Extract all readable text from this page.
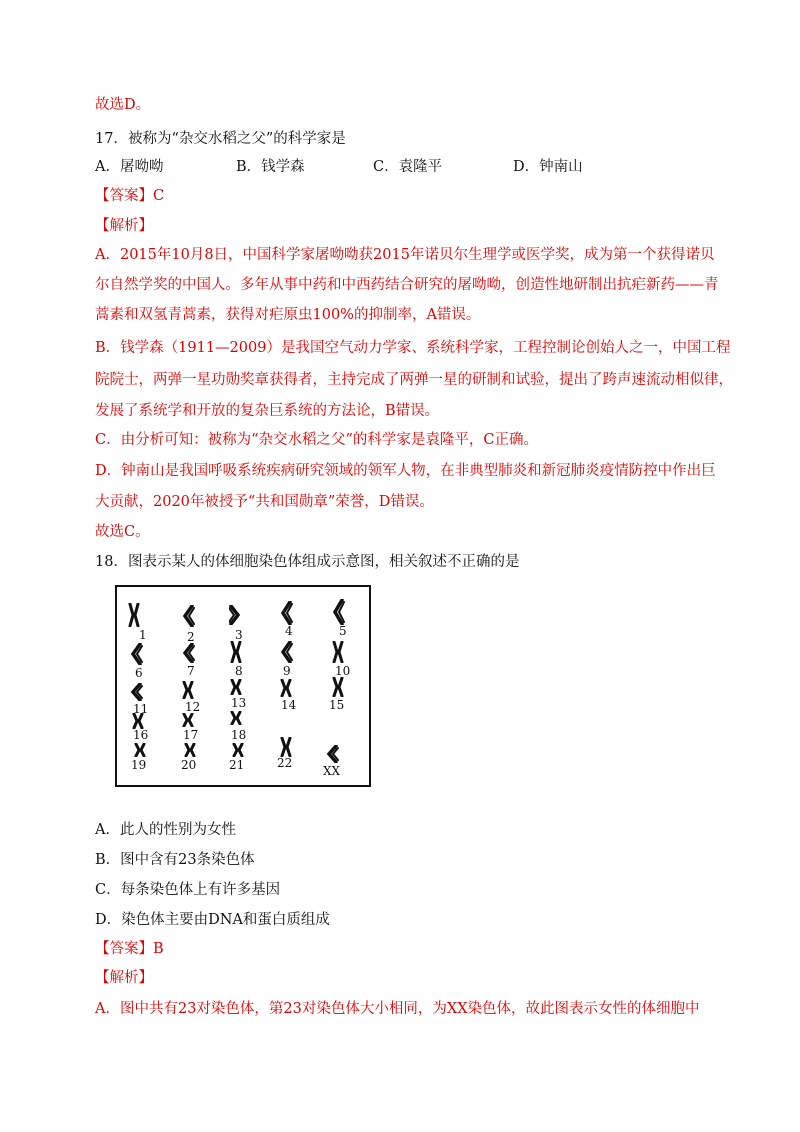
故选D。
17．被称为“杂交水稻之父”的科学家是
A．屠呦呦	B．钱学森	C．袁隆平	D．钟南山
【答案】C
【解析】
A．2015年10月8日，中国科学家屠呦呦获2015年诺贝尔生理学或医学奖，成为第一个获得诺贝
尔自然学奖的中国人。多年从事中药和中西药结合研究的屠呦呦，创造性地研制出抗疟新药——青
蒿素和双氢青蒿素，获得对疟原虫100%的抑制率，A错误。
B．钱学森（1911—2009）是我国空气动力学家、系统科学家，工程控制论创始人之一，中国工程
院院士，两弹一星功勋奖章获得者，主持完成了两弹一星的研制和试验，提出了跨声速流动相似律，
发展了系统学和开放的复杂巨系统的方法论，B错误。
C．由分析可知：被称为“杂交水稻之父”的科学家是袁隆平，C正确。
D．钟南山是我国呼吸系统疾病研究领域的领军人物，在非典型肺炎和新冠肺炎疫情防控中作出巨
大贡献，2020年被授予“共和国勋章”荣誉，D错误。
故选C。
18．图表示某人的体细胞染色体组成示意图，相关叙述不正确的是
1	2	3	4	5
6	7	8	9	10
11	12	13	14	15
16	17	18
19	20	21	22
XX
A．此人的性别为女性
B．图中含有23条染色体
C．每条染色体上有许多基因
D．染色体主要由DNA和蛋白质组成
【答案】B
【解析】
A．图中共有23对染色体，第23对染色体大小相同，为XX染色体，故此图表示女性的体细胞中
